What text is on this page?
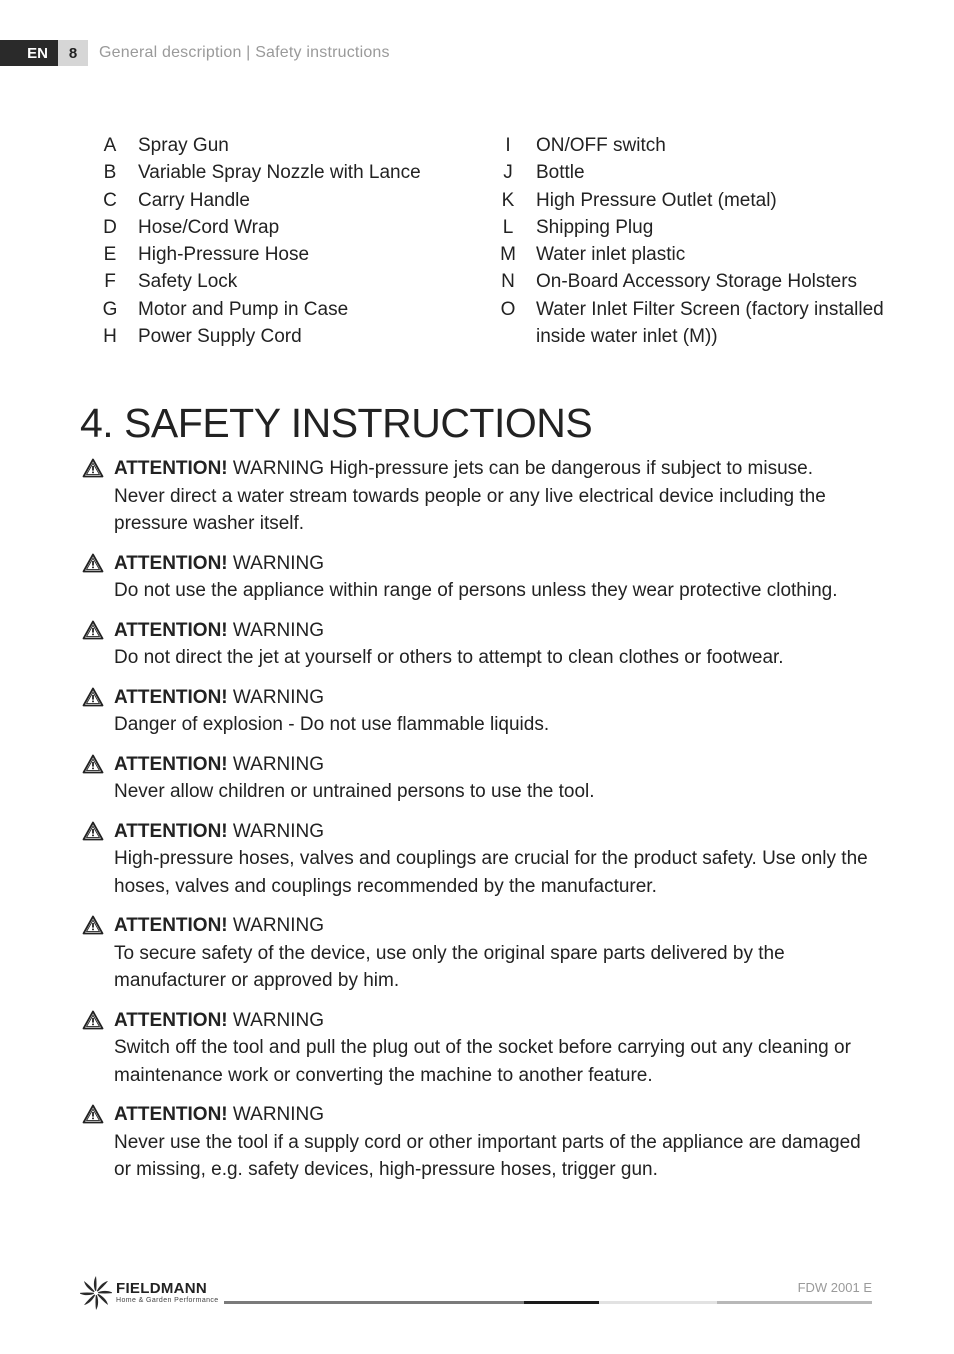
EN	8	General description | Safety instructions
A	Spray Gun
B	Variable Spray Nozzle with Lance
C	Carry Handle
D	Hose/Cord Wrap
E	High-Pressure Hose
F	Safety Lock
G	Motor and Pump in Case
H	Power Supply Cord
I	ON/OFF switch
J	Bottle
K	High Pressure Outlet (metal)
L	Shipping Plug
M	Water inlet plastic
N	On-Board Accessory Storage Holsters
O	Water Inlet Filter Screen (factory installed inside water inlet (M))
4. SAFETY INSTRUCTIONS
ATTENTION! WARNING High-pressure jets can be dangerous if subject to misuse.
Never direct a water stream towards people or any live electrical device including the pressure washer itself.
ATTENTION! WARNING
Do not use the appliance within range of persons unless they wear protective clothing.
ATTENTION! WARNING
Do not direct the jet at yourself or others to attempt to clean clothes or footwear.
ATTENTION! WARNING
Danger of explosion - Do not use flammable liquids.
ATTENTION! WARNING
Never allow children or untrained persons to use the tool.
ATTENTION! WARNING
High-pressure hoses, valves and couplings are crucial for the product safety. Use only the hoses, valves and couplings recommended by the manufacturer.
ATTENTION! WARNING
To secure safety of the device, use only the original spare parts delivered by the manufacturer or approved by him.
ATTENTION! WARNING
Switch off the tool and pull the plug out of the socket before carrying out any cleaning or maintenance work or converting the machine to another feature.
ATTENTION! WARNING
Never use the tool if a supply cord or other important parts of the appliance are damaged or missing, e.g. safety devices, high-pressure hoses, trigger gun.
FIELDMANN
Home & Garden Performance
FDW 2001 E
